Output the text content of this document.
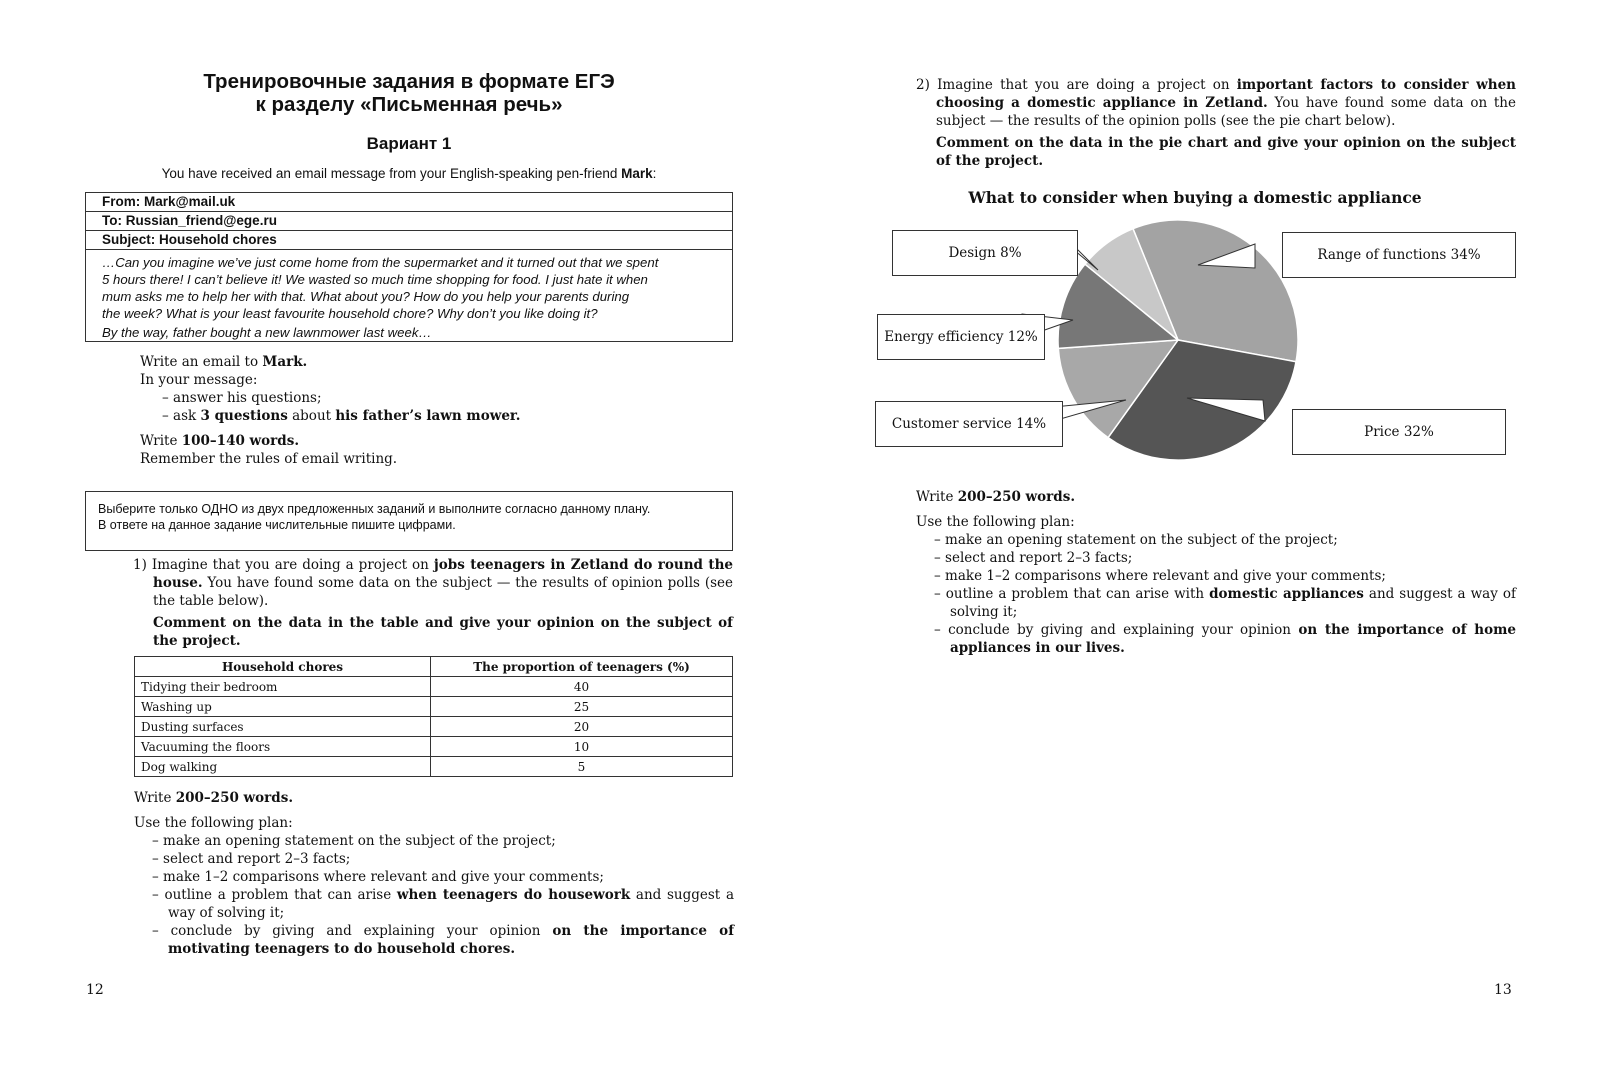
Тренировочные задания в формате ЕГЭ
к разделу «Письменная речь»
Вариант 1
You have received an email message from your English-speaking pen-friend Mark:
From: Mark@mail.uk
To: Russian_friend@ege.ru
Subject: Household chores
…Can you imagine we’ve just come home from the supermarket and it turned out that we spent
5 hours there! I can’t believe it! We wasted so much time shopping for food. I just hate it when
mum asks me to help her with that. What about you? How do you help your parents during
the week? What is your least favourite household chore? Why don’t you like doing it?
By the way, father bought a new lawnmower last week…
Write an email to Mark.
In your message:
– answer his questions;
– ask 3 questions about his father’s lawn mower.
Write 100–140 words.
Remember the rules of email writing.
Выберите только ОДНО из двух предложенных заданий и выполните согласно данному плану.
В ответе на данное задание числительные пишите цифрами.
1) Imagine that you are doing a project on jobs teenagers in Zetland do round the house. You have found some data on the subject — the results of opinion polls (see the table below).
Comment on the data in the table and give your opinion on the subject of the project.
Household chores	The proportion of teenagers (%)
Tidying their bedroom	40
Washing up	25
Dusting surfaces	20
Vacuuming the floors	10
Dog walking	5
Write 200–250 words.
Use the following plan:
– make an opening statement on the subject of the project;
– select and report 2–3 facts;
– make 1–2 comparisons where relevant and give your comments;
– outline a problem that can arise when teenagers do housework and suggest a way of solving it;
– conclude by giving and explaining your opinion on the importance of motivating teenagers to do household chores.
12
2) Imagine that you are doing a project on important factors to consider when choosing a domestic appliance in Zetland. You have found some data on the subject — the results of the opinion polls (see the pie chart below).
Comment on the data in the pie chart and give your opinion on the subject of the project.
What to consider when buying a domestic appliance
Design 8%	Range of functions 34%
Energy efficiency 12%
Customer service 14%	Price 32%
Write 200–250 words.
Use the following plan:
– make an opening statement on the subject of the project;
– select and report 2–3 facts;
– make 1–2 comparisons where relevant and give your comments;
– outline a problem that can arise with domestic appliances and suggest a way of solving it;
– conclude by giving and explaining your opinion on the importance of home appliances in our lives.
13
